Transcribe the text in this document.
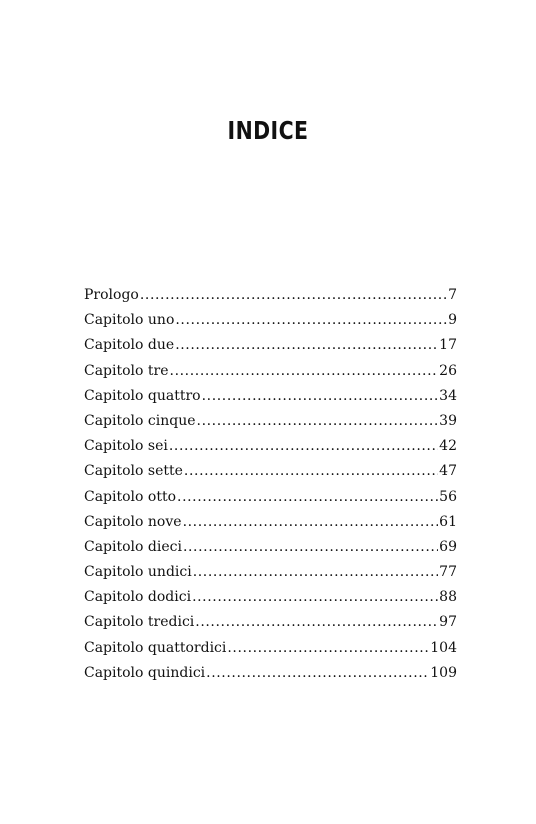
INDICE
Prologo .....	7
Capitolo uno .....	9
Capitolo due .....	17
Capitolo tre .....	26
Capitolo quattro .....	34
Capitolo cinque .....	39
Capitolo sei .....	42
Capitolo sette .....	47
Capitolo otto .....	56
Capitolo nove .....	61
Capitolo dieci .....	69
Capitolo undici .....	77
Capitolo dodici .....	88
Capitolo tredici .....	97
Capitolo quattordici .....	104
Capitolo quindici .....	109
